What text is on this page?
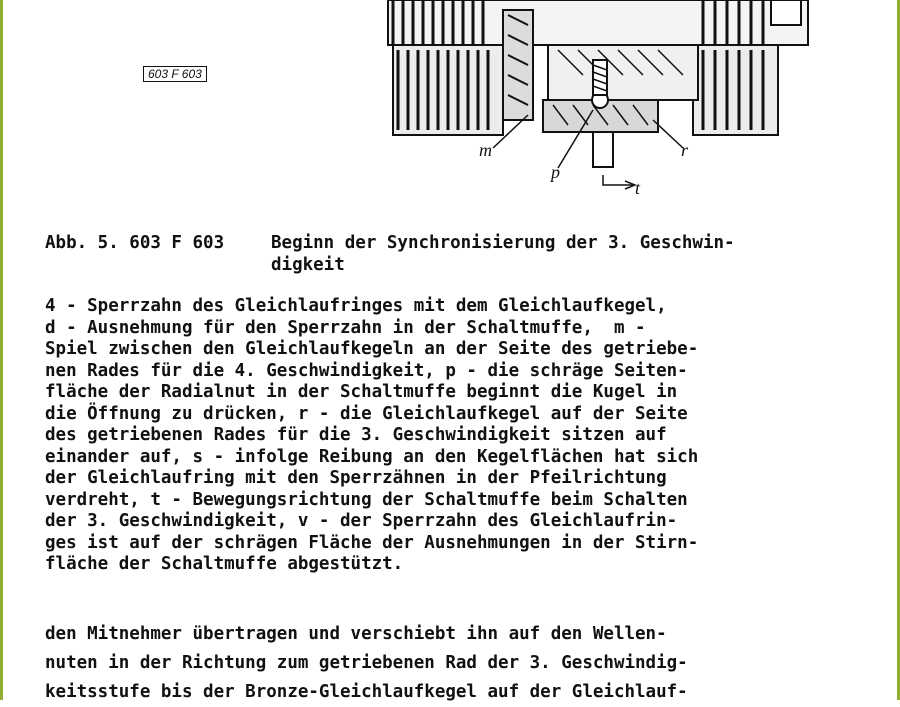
603 F 603
m
p
r
t
Abb. 5. 603 F 603	Beginn der Synchronisierung der 3. Geschwin-
digkeit
4 - Sperrzahn des Gleichlaufringes mit dem Gleichlaufkegel,
d - Ausnehmung für den Sperrzahn in der Schaltmuffe,  m -
Spiel zwischen den Gleichlaufkegeln an der Seite des getriebe-
nen Rades für die 4. Geschwindigkeit, p - die schräge Seiten-
fläche der Radialnut in der Schaltmuffe beginnt die Kugel in
die Öffnung zu drücken, r - die Gleichlaufkegel auf der Seite
des getriebenen Rades für die 3. Geschwindigkeit sitzen auf
einander auf, s - infolge Reibung an den Kegelflächen hat sich
der Gleichlaufring mit den Sperrzähnen in der Pfeilrichtung
verdreht, t - Bewegungsrichtung der Schaltmuffe beim Schalten
der 3. Geschwindigkeit, v - der Sperrzahn des Gleichlaufrin-
ges ist auf der schrägen Fläche der Ausnehmungen in der Stirn-
fläche der Schaltmuffe abgestützt.
den Mitnehmer übertragen und verschiebt ihn auf den Wellen-
nuten in der Richtung zum getriebenen Rad der 3. Geschwindig-
keitsstufe bis der Bronze-Gleichlaufkegel auf der Gleichlauf-
